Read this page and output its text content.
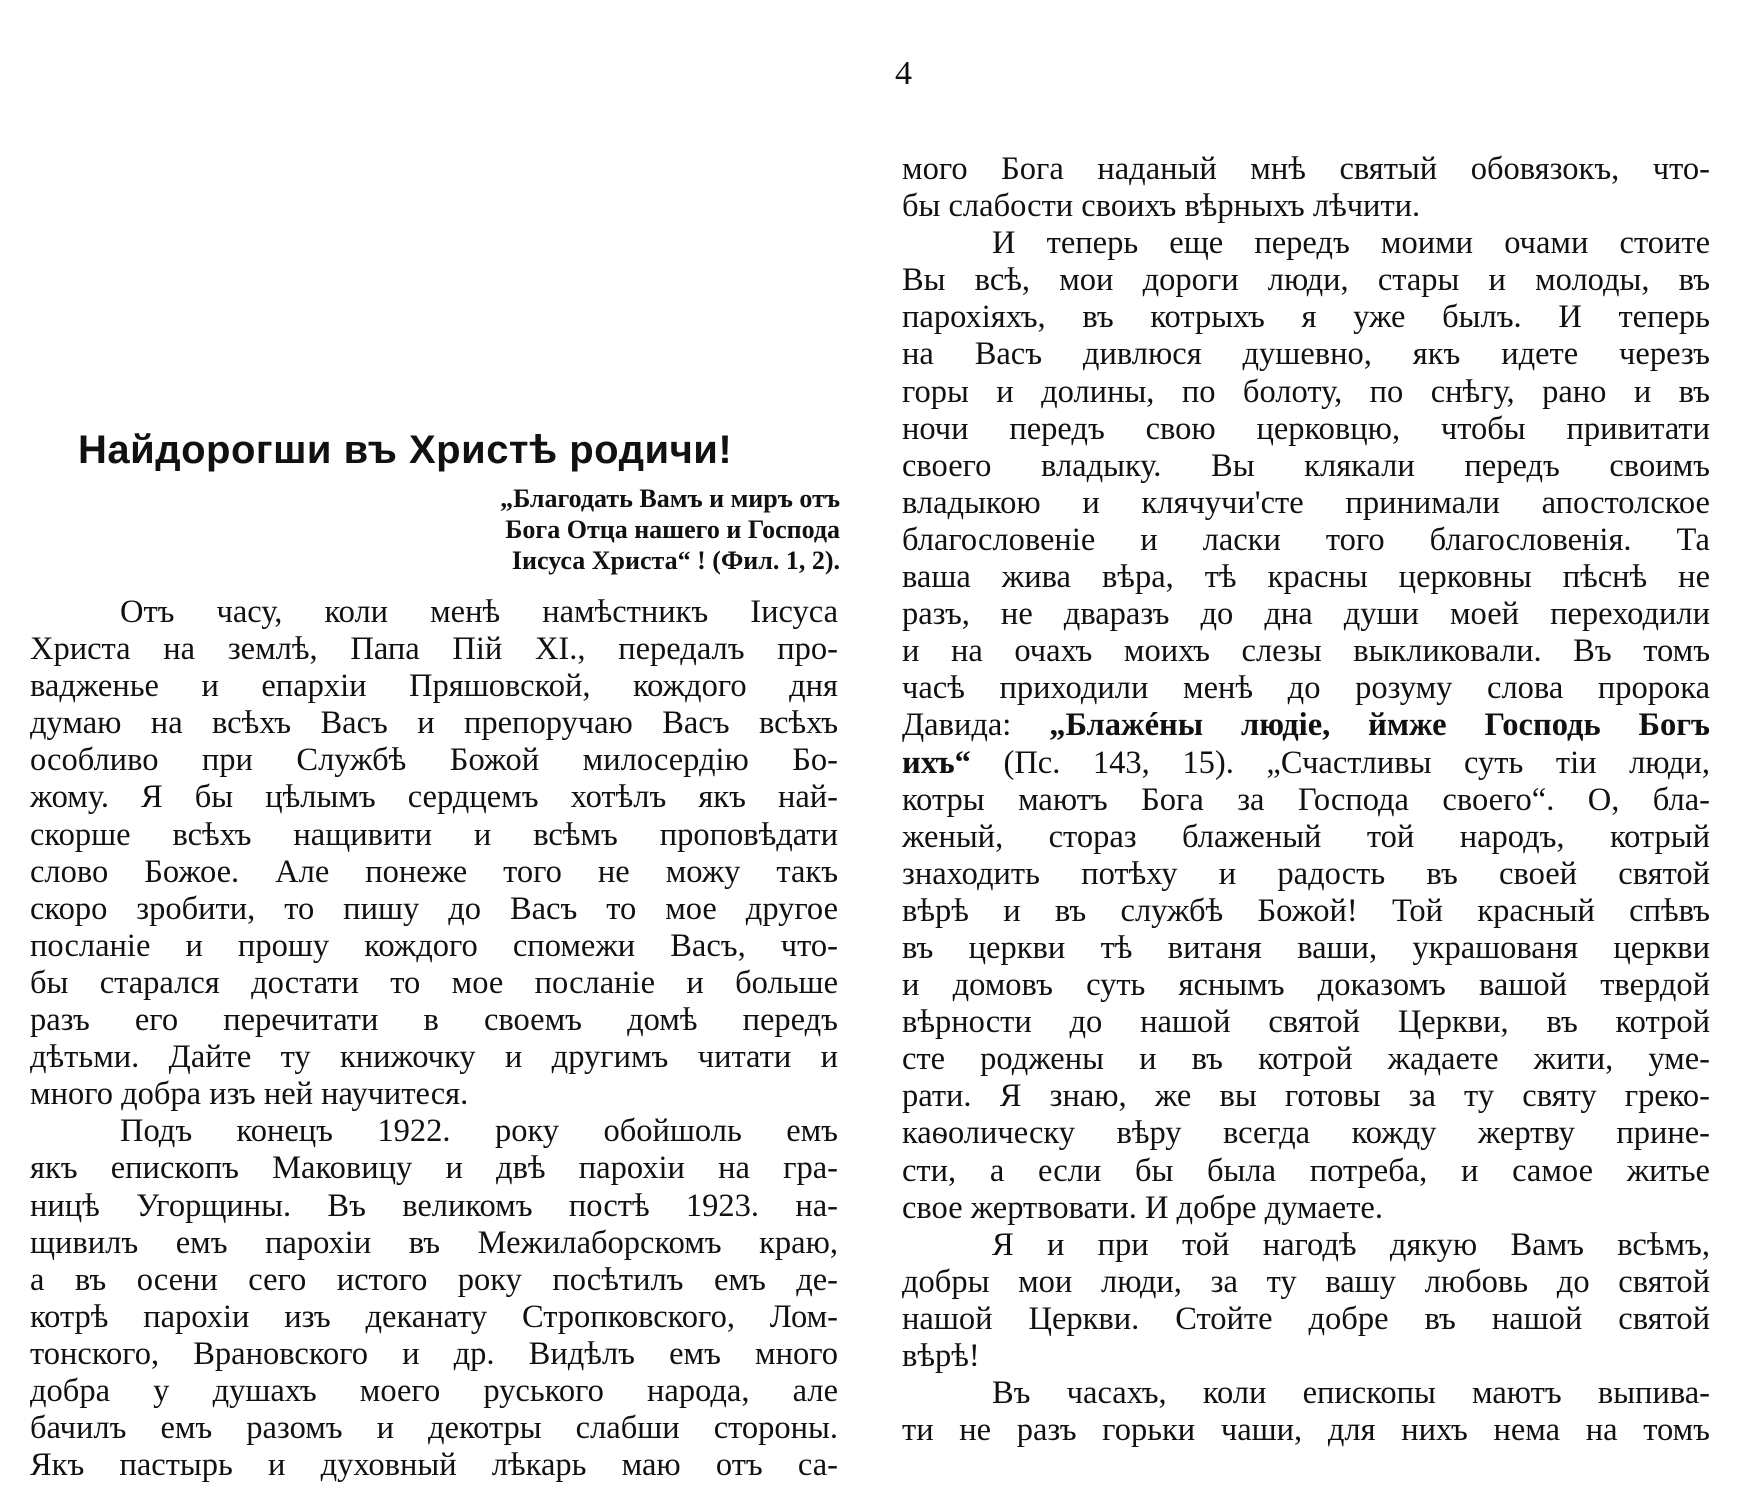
4
Найдорогши въ Христѣ родичи!
„Благодать Вамъ и миръ отъ
Бога Отца нашего и Господа
Іисуса Христа“ ! (Фил. 1, 2).
Отъ часу, коли менѣ намѣстникъ Іисуса
Христа на землѣ, Папа Пій XI., передалъ про-
вадженье и епархіи Пряшовской, кождого дня
думаю на всѣхъ Васъ и препоручаю Васъ всѣхъ
особливо при Службѣ Божой милосердію Бо-
жому. Я бы цѣлымъ сердцемъ хотѣлъ якъ най-
скорше всѣхъ нащивити и всѣмъ проповѣдати
слово Божое. Але понеже того не можу такъ
скоро зробити, то пишу до Васъ то мое другое
посланіе и прошу кождого спомежи Васъ, что-
бы старался достати то мое посланіе и больше
разъ его перечитати в своемъ домѣ передъ
дѣтьми. Дайте ту книжочку и другимъ читати и
много добра изъ ней научитеся.
Подъ конецъ 1922. року обойшоль емъ
якъ епископъ Маковицу и двѣ парохіи на гра-
ницѣ Угорщины. Въ великомъ постѣ 1923. на-
щивилъ емъ парохіи въ Межилаборскомъ краю,
а въ осени сего истого року посѣтилъ емъ де-
котрѣ парохіи изъ деканату Стропковского, Лом-
тонского, Врановского и др. Видѣлъ емъ много
добра у душахъ моего руського народа, але
бачилъ емъ разомъ и декотры слабши стороны.
Якъ пастырь и духовный лѣкарь маю отъ са-
мого Бога наданый мнѣ святый обовязокъ, что-
бы слабости своихъ вѣрныхъ лѣчити.
И теперь еще передъ моими очами стоите
Вы всѣ, мои дороги люди, стары и молоды, въ
парохіяхъ, въ котрыхъ я уже былъ. И теперь
на Васъ дивлюся душевно, якъ идете черезъ
горы и долины, по болоту, по снѣгу, рано и въ
ночи передъ свою церковцю, чтобы привитати
своего владыку. Вы клякали передъ своимъ
владыкою и клячучи'сте принимали апостолское
благословеніе и ласки того благословенія. Та
ваша жива вѣра, тѣ красны церковны пѣснѣ не
разъ, не дваразъ до дна души моей переходили
и на очахъ моихъ слезы выкликовали. Въ томъ
часѣ приходили менѣ до розуму слова пророка
Давида: „Блажéны людіе, ймже Господь Богъ
ихъ“ (Пс. 143, 15). „Счастливы суть тіи люди,
котры маютъ Бога за Господа своего“. О, бла-
женый, стораз блаженый той народъ, котрый
знаходить потѣху и радость въ своей святой
вѣрѣ и въ службѣ Божой! Той красный спѣвъ
въ церкви тѣ витаня ваши, украшованя церкви
и домовъ суть яснымъ доказомъ вашой твердой
вѣрности до нашой святой Церкви, въ котрой
сте роджены и въ котрой жадаете жити, уме-
рати. Я знаю, же вы готовы за ту святу греко-
каѳолическу вѣру всегда кожду жертву прине-
сти, а если бы была потреба, и самое житье
свое жертвовати. И добре думаете.
Я и при той нагодѣ дякую Вамъ всѣмъ,
добры мои люди, за ту вашу любовь до святой
нашой Церкви. Стойте добре въ нашой святой
вѣрѣ!
Въ часахъ, коли епископы маютъ выпива-
ти не разъ горьки чаши, для нихъ нема на томъ
